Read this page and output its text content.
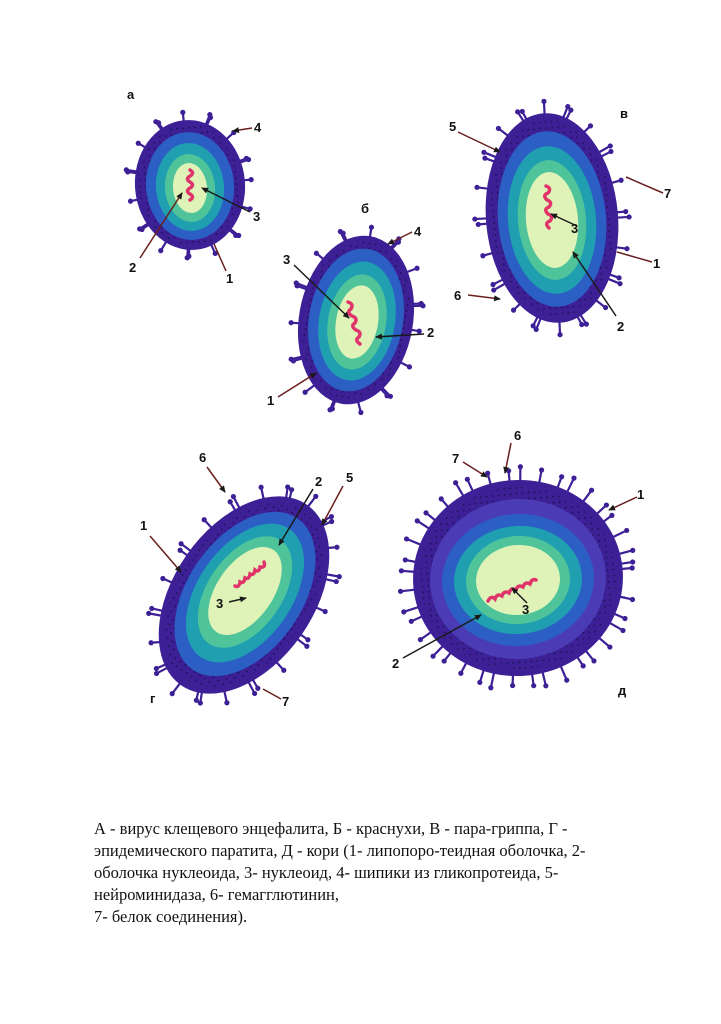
а
4
3
2
1
б
4
3
2
1
в
5
7
3
1
6
2
г
6
2 5
1
3
7
д
6
7
1
3
2

А - вирус клещевого энцефалита, Б - краснухи, В - пара-гриппа, Г -

эпидемического паратита, Д - кори (1- липопоро-теидная оболочка, 2-

оболочка нуклеоида, 3- нуклеоид, 4- шипики из гликопротеида, 5-

нейроминидаза, 6- гемагглютинин,

7- белок соединения).
